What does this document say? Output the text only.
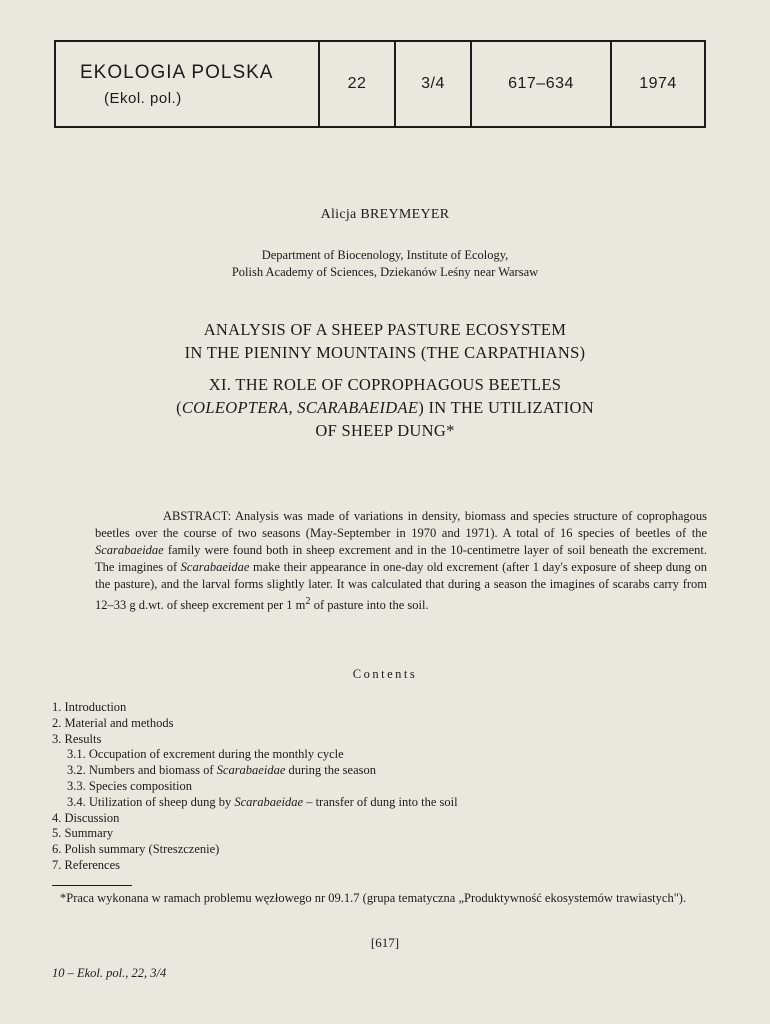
EKOLOGIA POLSKA
(Ekol. pol.)
22	3/4	617–634	1974
Alicja BREYMEYER
Department of Biocenology, Institute of Ecology,
Polish Academy of Sciences, Dziekanów Leśny near Warsaw
ANALYSIS OF A SHEEP PASTURE ECOSYSTEM
IN THE PIENINY MOUNTAINS (THE CARPATHIANS)
XI. THE ROLE OF COPROPHAGOUS BEETLES
(COLEOPTERA, SCARABAEIDAE) IN THE UTILIZATION
OF SHEEP DUNG*
ABSTRACT: Analysis was made of variations in density, biomass and species structure of coprophagous beetles over the course of two seasons (May-September in 1970 and 1971). A total of 16 species of beetles of the Scarabaeidae family were found both in sheep excrement and in the 10-centimetre layer of soil beneath the excrement. The imagines of Scarabaeidae make their appearance in one-day old excrement (after 1 day's exposure of sheep dung on the pasture), and the larval forms slightly later. It was calculated that during a season the imagines of scarabs carry from 12–33 g d.wt. of sheep excrement per 1 $m^2$ of pasture into the soil.
Contents
1. Introduction
2. Material and methods
3. Results
3.1. Occupation of excrement during the monthly cycle
3.2. Numbers and biomass of Scarabaeidae during the season
3.3. Species composition
3.4. Utilization of sheep dung by Scarabaeidae – transfer of dung into the soil
4. Discussion
5. Summary
6. Polish summary (Streszczenie)
7. References
*Praca wykonana w ramach problemu węzłowego nr 09.1.7 (grupa tematyczna „Produktywność ekosystemów trawiastych").
[617]
10 – Ekol. pol., 22, 3/4
